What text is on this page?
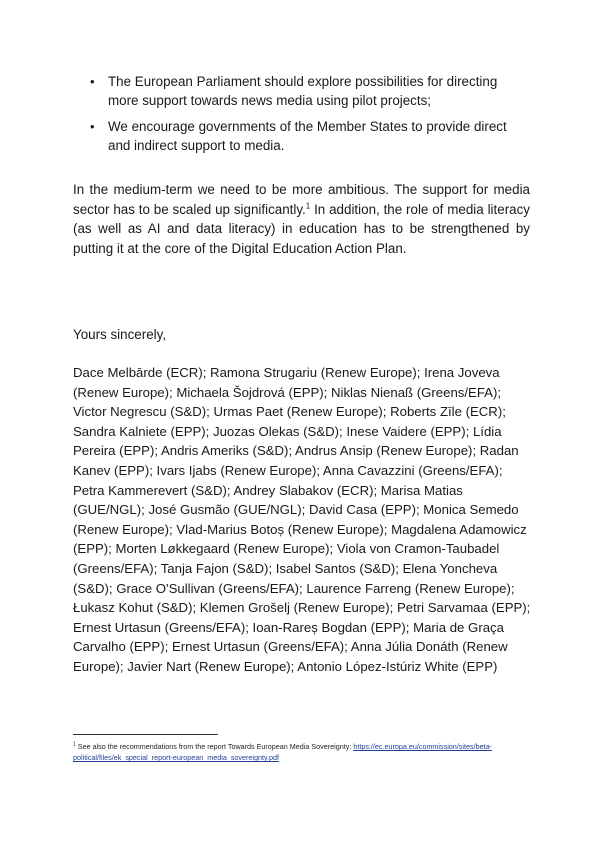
• The European Parliament should explore possibilities for directing more support towards news media using pilot projects;
• We encourage governments of the Member States to provide direct and indirect support to media.

In the medium-term we need to be more ambitious. The support for media sector has to be scaled up significantly.$^1$ In addition, the role of media literacy (as well as AI and data literacy) in education has to be strengthened by putting it at the core of the Digital Education Action Plan.

Yours sincerely,

Dace Melbārde (ECR); Ramona Strugariu (Renew Europe); Irena Joveva (Renew Europe); Michaela Šojdrová (EPP); Niklas Nienaß (Greens/EFA); Victor Negrescu (S&D); Urmas Paet (Renew Europe); Roberts Zīle (ECR); Sandra Kalniete (EPP); Juozas Olekas (S&D); Inese Vaidere (EPP); Lídia Pereira (EPP); Andris Ameriks (S&D); Andrus Ansip (Renew Europe); Radan Kanev (EPP); Ivars Ijabs (Renew Europe); Anna Cavazzini (Greens/EFA); Petra Kammerevert (S&D); Andrey Slabakov (ECR); Marisa Matias (GUE/NGL); José Gusmão (GUE/NGL); David Casa (EPP); Monica Semedo (Renew Europe); Vlad-Marius Botoș (Renew Europe); Magdalena Adamowicz (EPP); Morten Løkkegaard (Renew Europe); Viola von Cramon-Taubadel (Greens/EFA); Tanja Fajon (S&D); Isabel Santos (S&D); Elena Yoncheva (S&D); Grace O'Sullivan (Greens/EFA); Laurence Farreng (Renew Europe); Łukasz Kohut (S&D); Klemen Grošelj (Renew Europe); Petri Sarvamaa (EPP); Ernest Urtasun (Greens/EFA); Ioan-Rareș Bogdan (EPP); Maria de Graça Carvalho (EPP); Ernest Urtasun (Greens/EFA); Anna Júlia Donáth (Renew Europe); Javier Nart (Renew Europe); Antonio López-Istúriz White (EPP)

$^1$ See also the recommendations from the report Towards European Media Sovereignty: https://ec.europa.eu/commission/sites/beta-political/files/ek_special_report-european_media_sovereignty.pdf
